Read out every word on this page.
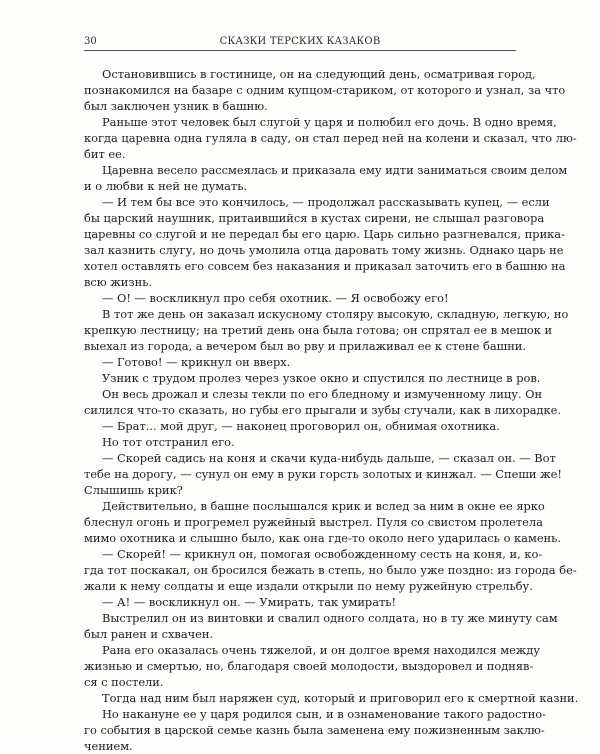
30	СКАЗКИ ТЕРСКИХ КАЗАКОВ
Остановившись в гостинице, он на следующий день, осматривая город,
познакомился на базаре с одним купцом-стариком, от которого и узнал, за что
был заключен узник в башню.
Раньше этот человек был слугой у царя и полюбил его дочь. В одно время,
когда царевна одна гуляла в саду, он стал перед ней на колени и сказал, что лю-
бит ее.
Царевна весело рассмеялась и приказала ему идти заниматься своим делом
и о любви к ней не думать.
— И тем бы все это кончилось, — продолжал рассказывать купец, — если
бы царский наушник, притаившийся в кустах сирени, не слышал разговора
царевны со слугой и не передал бы его царю. Царь сильно разгневался, прика-
зал казнить слугу, но дочь умолила отца даровать тому жизнь. Однако царь не
хотел оставлять его совсем без наказания и приказал заточить его в башню на
всю жизнь.
— О! — воскликнул про себя охотник. — Я освобожу его!
В тот же день он заказал искусному столяру высокую, складную, легкую, но
крепкую лестницу; на третий день она была готова; он спрятал ее в мешок и
выехал из города, а вечером был во рву и прилаживал ее к стене башни.
— Готово! — крикнул он вверх.
Узник с трудом пролез через узкое окно и спустился по лестнице в ров.
Он весь дрожал и слезы текли по его бледному и измученному лицу. Он
силился что-то сказать, но губы его прыгали и зубы стучали, как в лихорадке.
— Брат... мой друг, — наконец проговорил он, обнимая охотника.
Но тот отстранил его.
— Скорей садись на коня и скачи куда-нибудь дальше, — сказал он. — Вот
тебе на дорогу, — сунул он ему в руки горсть золотых и кинжал. — Спеши же!
Слышишь крик?
Действительно, в башне послышался крик и вслед за ним в окне ее ярко
блеснул огонь и прогремел ружейный выстрел. Пуля со свистом пролетела
мимо охотника и слышно было, как она где-то около него ударилась о камень.
— Скорей! — крикнул он, помогая освобожденному сесть на коня, и, ко-
гда тот поскакал, он бросился бежать в степь, но было уже поздно: из города бе-
жали к нему солдаты и еще издали открыли по нему ружейную стрельбу.
— А! — воскликнул он. — Умирать, так умирать!
Выстрелил он из винтовки и свалил одного солдата, но в ту же минуту сам
был ранен и схвачен.
Рана его оказалась очень тяжелой, и он долгое время находился между
жизнью и смертью, но, благодаря своей молодости, выздоровел и подняв-
ся с постели.
Тогда над ним был наряжен суд, который и приговорил его к смертной казни.
Но накануне ее у царя родился сын, и в ознаменование такого радостно-
го события в царской семье казнь была заменена ему пожизненным заклю-
чением.
